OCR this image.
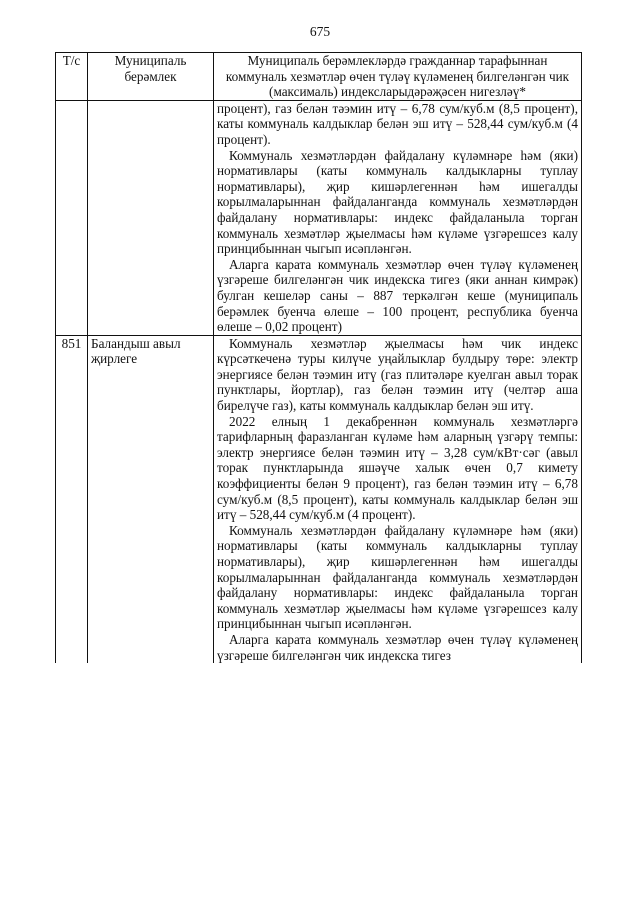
675
Т/с	Муниципаль берәмлек	Муниципаль берәмлекләрдә гражданнар тарафыннан коммуналь хезмәтләр өчен түләү күләменең билгеләнгән чик (максималь) индексларыдәрәҗәсен нигезләү*

		процент), газ белән тәэмин итү – 6,78 сум/куб.м (8,5 процент), каты коммуналь калдыклар белән эш итү – 528,44 сум/куб.м (4 процент).

Коммуналь хезмәтләрдән файдалану күләмнәре һәм (яки) нормативлары (каты коммуналь калдыкларны туплау нормативлары), җир кишәрлегеннән һәм ишегалды корылмаларыннан файдаланганда коммуналь хезмәтләрдән файдалану нормативлары: индекс файдаланыла торган коммуналь хезмәтләр җыелмасы һәм күләме үзгәрешсез калу принцибыннан чыгып исәпләнгән.

Аларга карата коммуналь хезмәтләр өчен түләү күләменең үзгәреше билгеләнгән чик индекска тигез (яки аннан кимрәк) булган кешеләр саны – 887 теркәлгән кеше (муниципаль берәмлек буенча өлеше – 100 процент, республика буенча өлеше – 0,02 процент)

851	Баландыш авыл җирлеге	Коммуналь хезмәтләр җыелмасы һәм чик индекс күрсәткеченә туры килүче уңайлыклар булдыру төре: электр энергиясе белән тәэмин итү (газ плитәләре куелган авыл торак пунктлары, йортлар), газ белән тәэмин итү (челтәр аша бирелүче газ), каты коммуналь калдыклар белән эш итү.

2022 елның 1 декабреннән коммуналь хезмәтләргә тарифларның фаразланган күләме һәм аларның үзгәрү темпы: электр энергиясе белән тәэмин итү – 3,28 сум/кВт·сәг (авыл торак пунктларында яшәүче халык өчен 0,7 кимету коэффициенты белән 9 процент), газ белән тәэмин итү – 6,78 сум/куб.м (8,5 процент), каты коммуналь калдыклар белән эш итү – 528,44 сум/куб.м (4 процент).

Коммуналь хезмәтләрдән файдалану күләмнәре һәм (яки) нормативлары (каты коммуналь калдыкларны туплау нормативлары), җир кишәрлегеннән һәм ишегалды корылмаларыннан файдаланганда коммуналь хезмәтләрдән файдалану нормативлары: индекс файдаланыла торган коммуналь хезмәтләр җыелмасы һәм күләме үзгәрешсез калу принцибыннан чыгып исәпләнгән.

Аларга карата коммуналь хезмәтләр өчен түләү күләменең үзгәреше билгеләнгән чик индекска тигез
